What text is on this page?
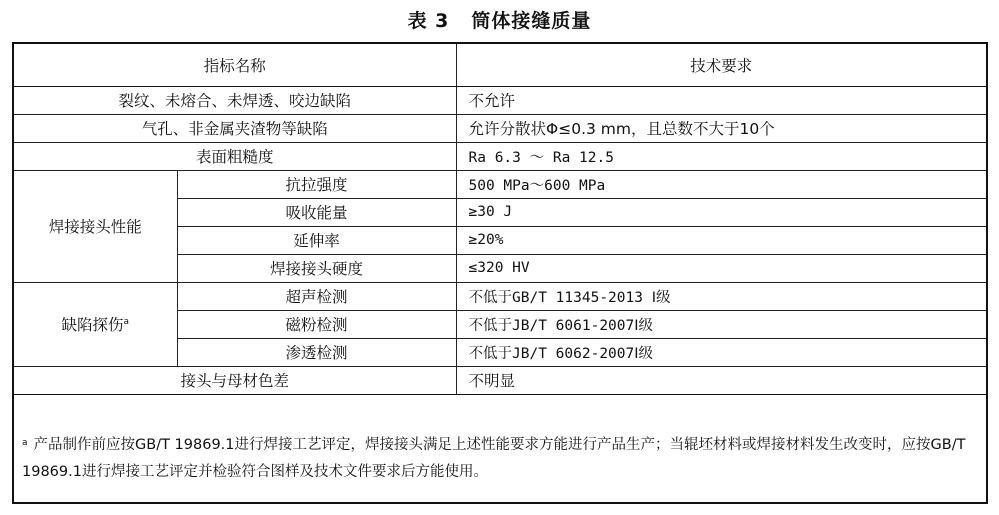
表 3 筒体接缝质量
指标名称		技术要求
裂纹、未熔合、未焊透、咬边缺陷		不允许
气孔、非金属夹渣物等缺陷		允许分散状Φ≤0.3 mm，且总数不大于10个
表面粗糙度		Ra 6.3 ～ Ra 12.5
焊接接头性能	抗拉强度	500 MPa～600 MPa
	吸收能量	≥30 J
	延伸率	≥20%
	焊接接头硬度	≤320 HV
缺陷探伤$^a$	超声检测	不低于GB/T 11345-2013 Ⅰ级
	磁粉检测	不低于JB/T 6061-2007Ⅰ级
	渗透检测	不低于JB/T 6062-2007Ⅰ级
接头与母材色差		不明显
$^a$ 产品制作前应按GB/T 19869.1进行焊接工艺评定，焊接接头满足上述性能要求方能进行产品生产；当辊坯材料或焊接材料发生改变时，应按GB/T 19869.1进行焊接工艺评定并检验符合图样及技术文件要求后方能使用。
